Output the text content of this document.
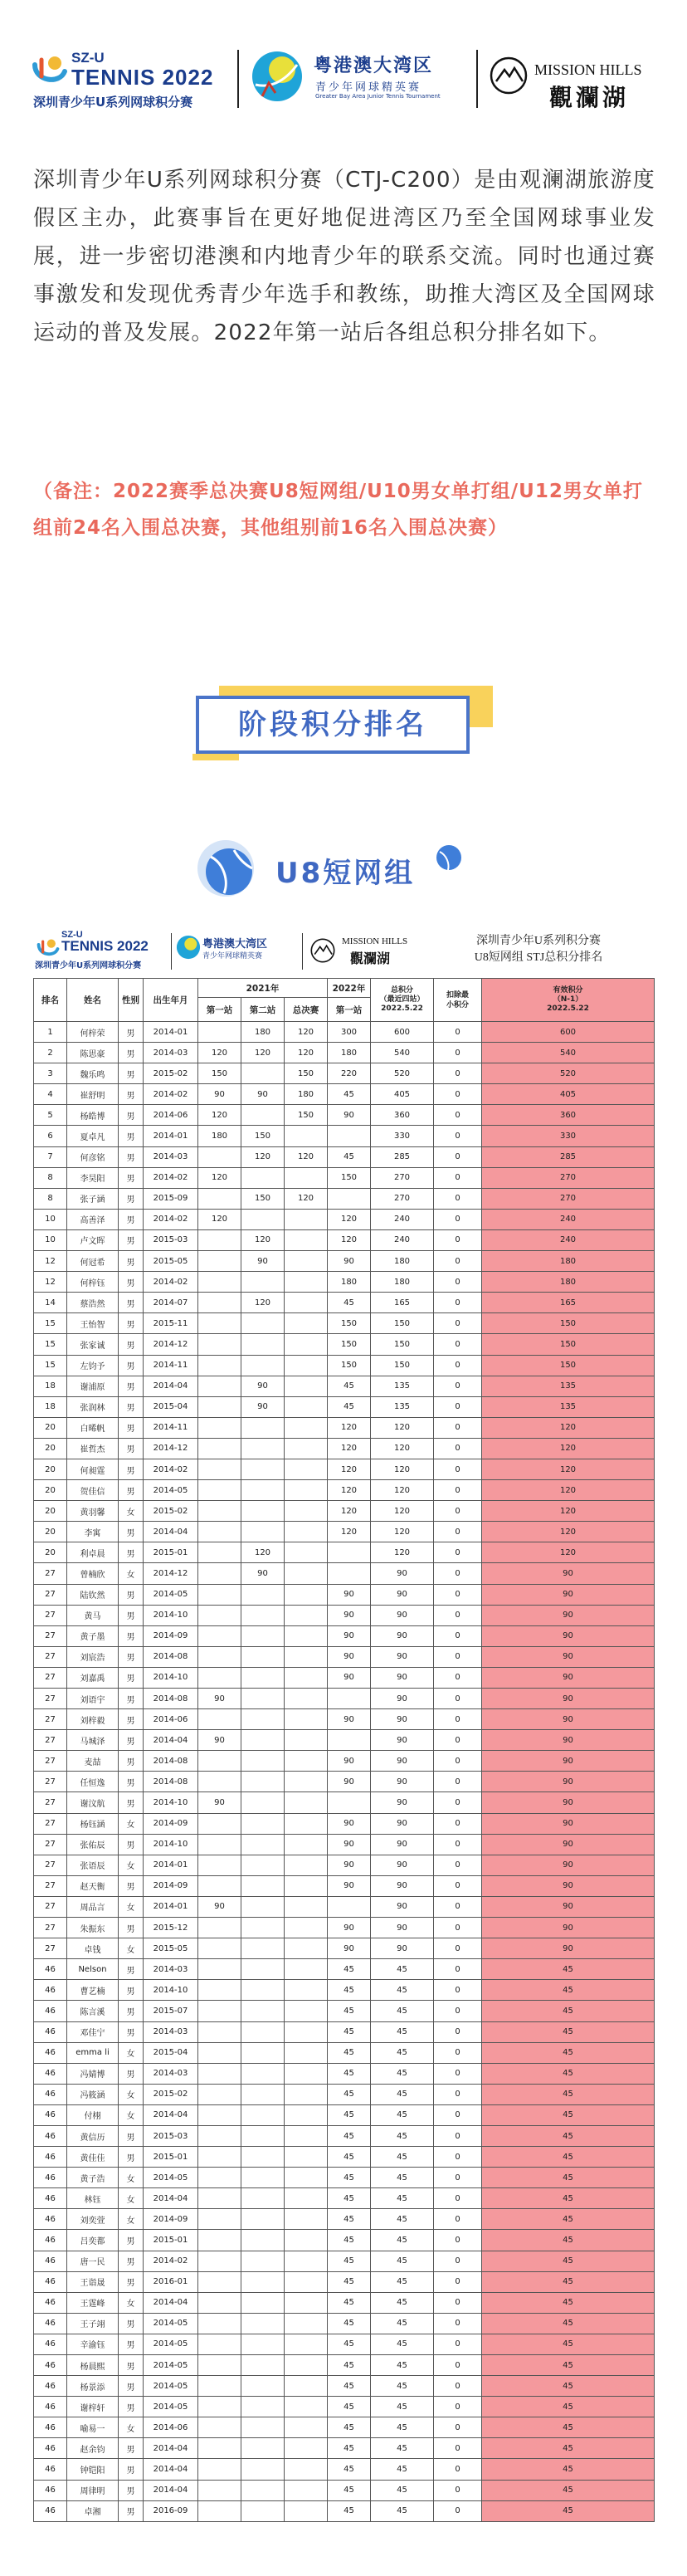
SZ-U
TENNIS 2022
深圳青少年U系列网球积分赛
粤港澳大湾区
青少年网球精英赛
Greater Bay Area Junior Tennis Tournament
MISSION HILLS
觀瀾湖
深圳青少年U系列网球积分赛（CTJ-C200）是由观澜湖旅游度假区主办，此赛事旨在更好地促进湾区乃至全国网球事业发展，进一步密切港澳和内地青少年的联系交流。同时也通过赛事激发和发现优秀青少年选手和教练，助推大湾区及全国网球运动的普及发展。2022年第一站后各组总积分排名如下。
（备注：2022赛季总决赛U8短网组/U10男女单打组/U12男女单打组前24名入围总决赛，其他组别前16名入围总决赛）
阶段积分排名
U8短网组
SZ-U
TENNIS 2022
深圳青少年U系列网球积分赛
粤港澳大湾区
青少年网球精英赛
MISSION HILLS
觀瀾湖
深圳青少年U系列积分赛
U8短网组 STJ总积分排名
排名	姓名	性别	出生年月	2021年			2022年	总积分
（最近四站）
2022.5.22	扣除最
小积分	有效积分
（N-1）
2022.5.22
				第一站	第二站	总决赛	第一站			
1	何梓荣	男	2014-01		180	120	300	600	0	600
2	陈思豪	男	2014-03	120	120	120	180	540	0	540
3	魏乐鸣	男	2015-02	150		150	220	520	0	520
4	崔舒明	男	2014-02	90	90	180	45	405	0	405
5	杨皓博	男	2014-06	120		150	90	360	0	360
6	夏卓凡	男	2014-01	180	150			330	0	330
7	何彦铭	男	2014-03		120	120	45	285	0	285
8	李昊阳	男	2014-02	120			150	270	0	270
8	张子涵	男	2015-09		150	120		270	0	270
10	高善泽	男	2014-02	120			120	240	0	240
10	卢文晖	男	2015-03		120		120	240	0	240
12	何冠希	男	2015-05		90		90	180	0	180
12	何梓钰	男	2014-02				180	180	0	180
14	蔡浩然	男	2014-07		120		45	165	0	165
15	王怡智	男	2015-11				150	150	0	150
15	张家诚	男	2014-12				150	150	0	150
15	左钧予	男	2014-11				150	150	0	150
18	谢浦原	男	2014-04		90		45	135	0	135
18	张润林	男	2015-04		90		45	135	0	135
20	白晞帆	男	2014-11				120	120	0	120
20	崔哲杰	男	2014-12				120	120	0	120
20	何昶霆	男	2014-02				120	120	0	120
20	贺佳信	男	2014-05				120	120	0	120
20	黄羽馨	女	2015-02				120	120	0	120
20	李寓	男	2014-04				120	120	0	120
20	利卓晨	男	2015-01		120			120	0	120
27	曾楠欣	女	2014-12		90			90	0	90
27	陆钦然	男	2014-05				90	90	0	90
27	黄马	男	2014-10				90	90	0	90
27	黄子墨	男	2014-09				90	90	0	90
27	刘宸浩	男	2014-08				90	90	0	90
27	刘嘉禹	男	2014-10				90	90	0	90
27	刘语宇	男	2014-08	90				90	0	90
27	刘梓毅	男	2014-06				90	90	0	90
27	马城泽	男	2014-04	90				90	0	90
27	麦喆	男	2014-08				90	90	0	90
27	任恒逸	男	2014-08				90	90	0	90
27	谢汶航	男	2014-10	90				90	0	90
27	杨钰涵	女	2014-09				90	90	0	90
27	张佑辰	男	2014-10				90	90	0	90
27	张语辰	女	2014-01				90	90	0	90
27	赵天衡	男	2014-09				90	90	0	90
27	周品言	女	2014-01	90				90	0	90
27	朱振东	男	2015-12				90	90	0	90
27	卓钱	女	2015-05				90	90	0	90
46	Nelson	男	2014-03				45	45	0	45
46	曹艺楠	男	2014-10				45	45	0	45
46	陈言溪	男	2015-07				45	45	0	45
46	邓佳宁	男	2014-03				45	45	0	45
46	emma li	女	2015-04				45	45	0	45
46	冯婧博	男	2014-03				45	45	0	45
46	冯筱涵	女	2015-02				45	45	0	45
46	付栩	女	2014-04				45	45	0	45
46	黄信历	男	2015-03				45	45	0	45
46	黄佳佳	男	2015-01				45	45	0	45
46	黄子浩	女	2014-05				45	45	0	45
46	林钰	女	2014-04				45	45	0	45
46	刘奕萱	女	2014-09				45	45	0	45
46	吕奕都	男	2015-01				45	45	0	45
46	唐一民	男	2014-02				45	45	0	45
46	王诣晟	男	2016-01				45	45	0	45
46	王霆峰	女	2014-04				45	45	0	45
46	王子翊	男	2014-05				45	45	0	45
46	辛渝钰	男	2014-05				45	45	0	45
46	杨晨熙	男	2014-05				45	45	0	45
46	杨景添	男	2014-05				45	45	0	45
46	谢梓轩	男	2014-05				45	45	0	45
46	喻易一	女	2014-06				45	45	0	45
46	赵余钧	男	2014-04				45	45	0	45
46	钟铠阳	男	2014-04				45	45	0	45
46	周律明	男	2014-04				45	45	0	45
46	卓湘	男	2016-09				45	45	0	45
